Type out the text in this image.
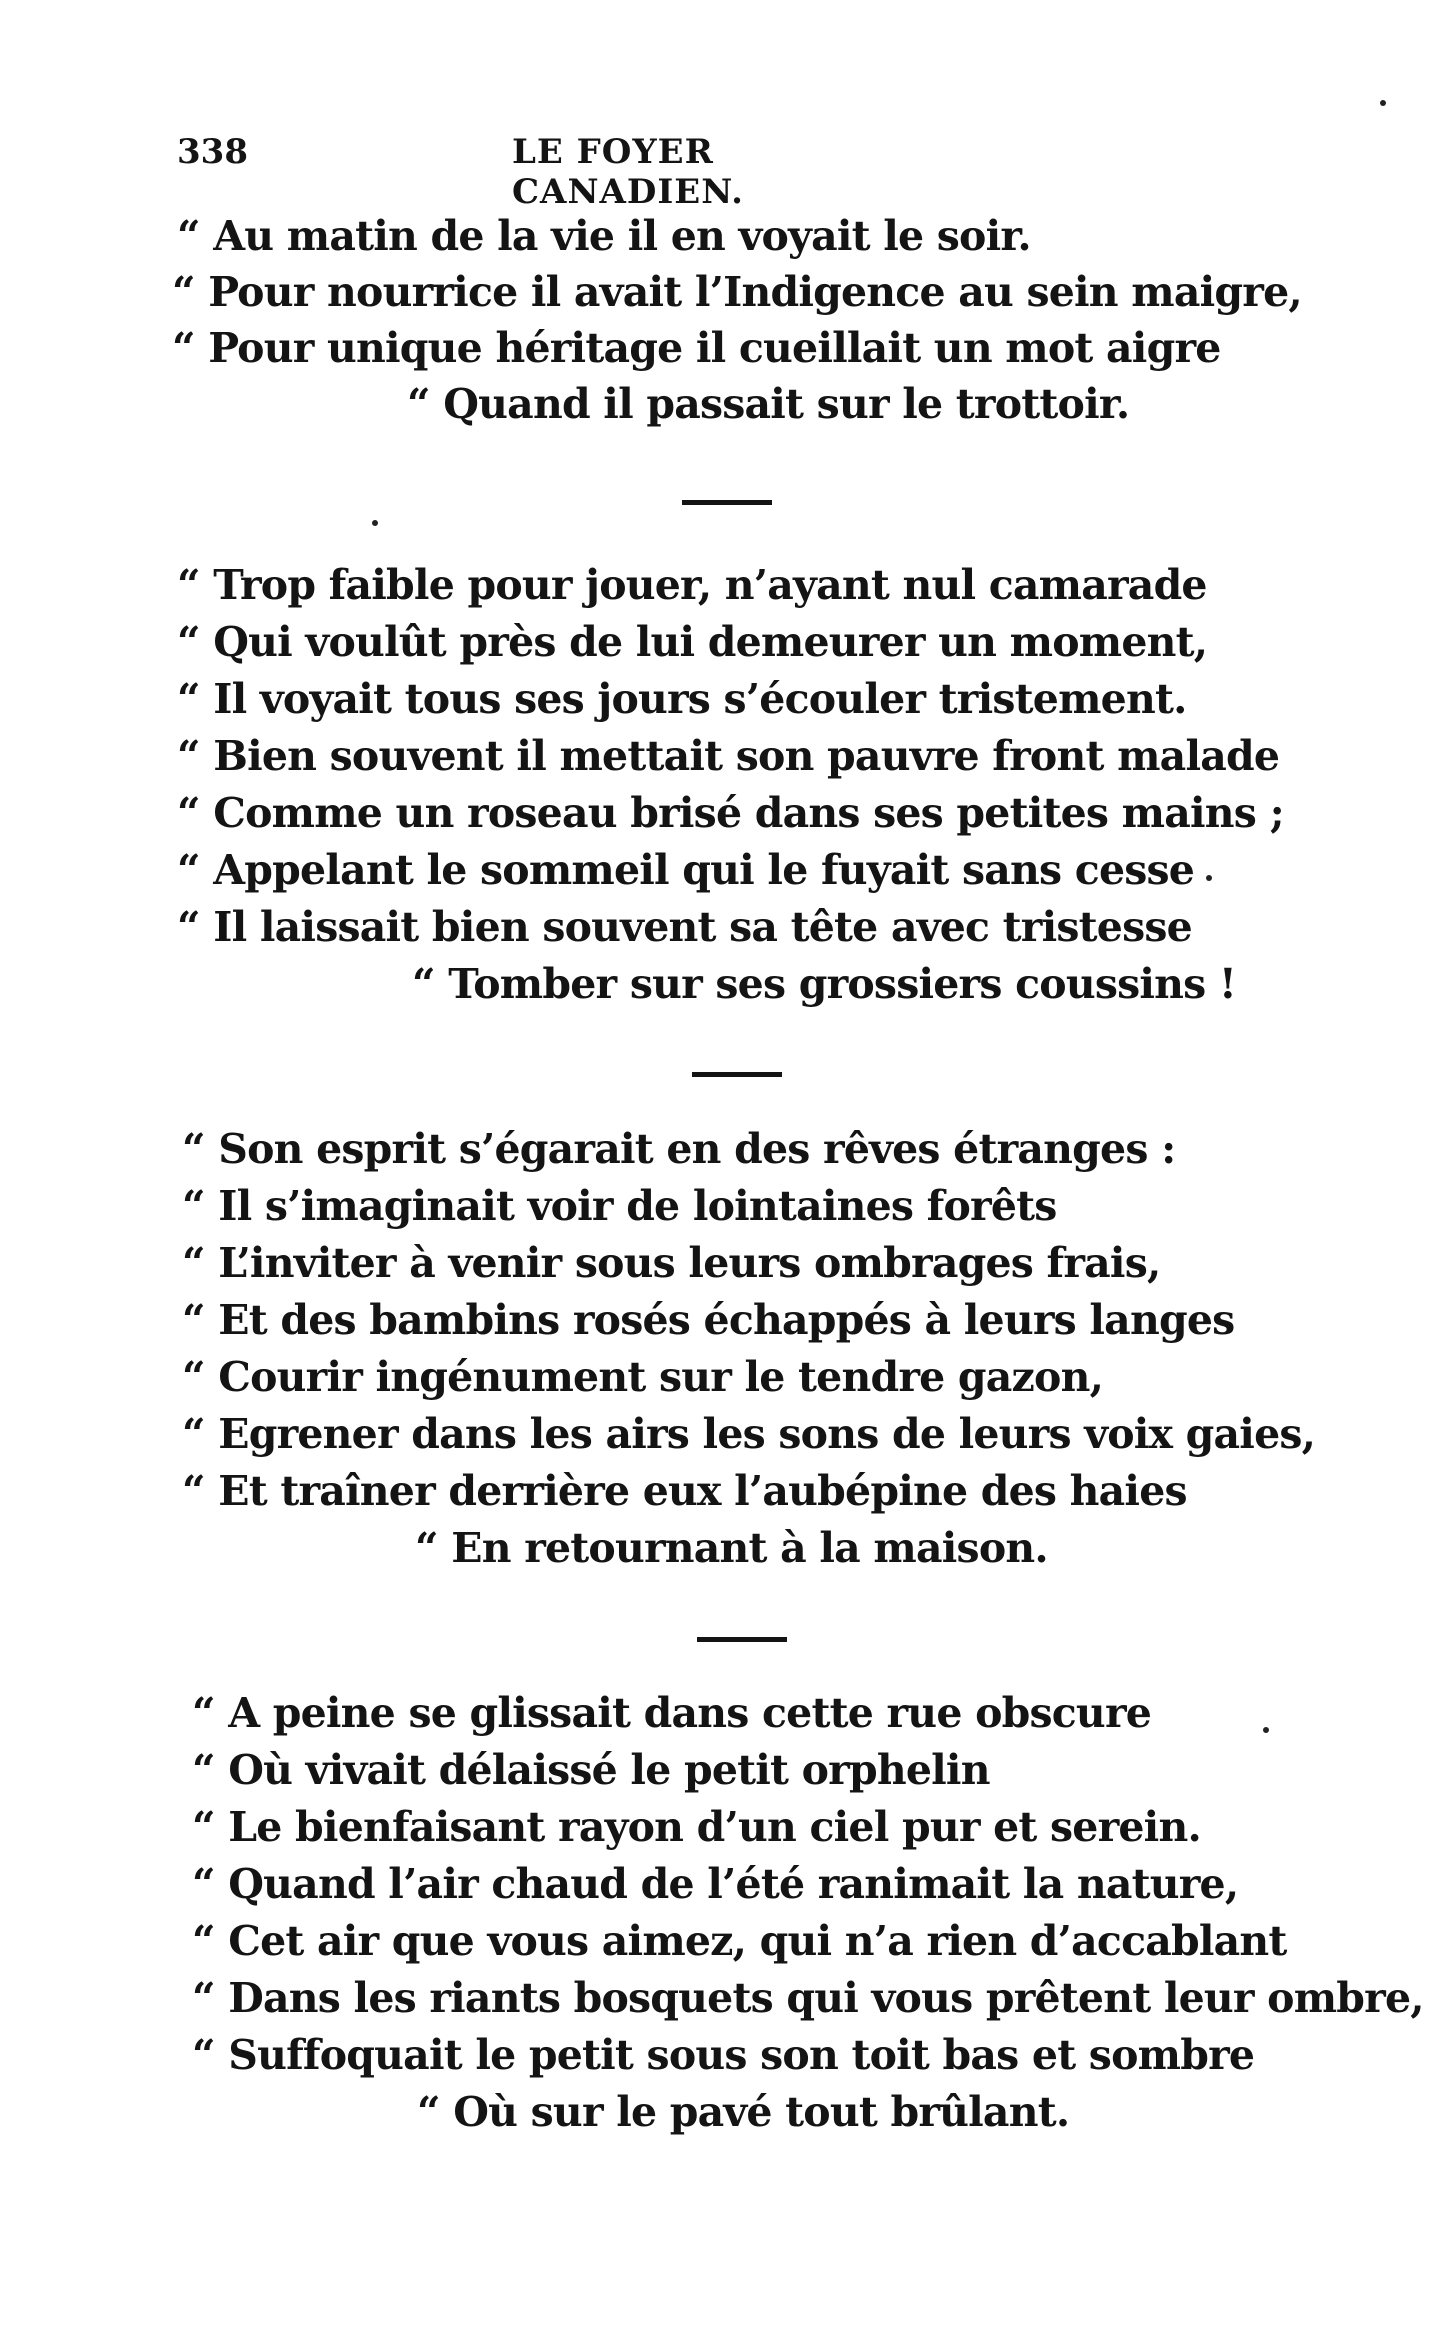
338	LE FOYER CANADIEN.
“ Au matin de la vie il en voyait le soir.
“ Pour nourrice il avait l’Indigence au sein maigre,
“ Pour unique héritage il cueillait un mot aigre
“ Quand il passait sur le trottoir.
“ Trop faible pour jouer, n’ayant nul camarade
“ Qui voulût près de lui demeurer un moment,
“ Il voyait tous ses jours s’écouler tristement.
“ Bien souvent il mettait son pauvre front malade
“ Comme un roseau brisé dans ses petites mains ;
“ Appelant le sommeil qui le fuyait sans cesse
“ Il laissait bien souvent sa tête avec tristesse
“ Tomber sur ses grossiers coussins !
“ Son esprit s’égarait en des rêves étranges :
“ Il s’imaginait voir de lointaines forêts
“ L’inviter à venir sous leurs ombrages frais,
“ Et des bambins rosés échappés à leurs langes
“ Courir ingénument sur le tendre gazon,
“ Egrener dans les airs les sons de leurs voix gaies,
“ Et traîner derrière eux l’aubépine des haies
“ En retournant à la maison.
“ A peine se glissait dans cette rue obscure
“ Où vivait délaissé le petit orphelin
“ Le bienfaisant rayon d’un ciel pur et serein.
“ Quand l’air chaud de l’été ranimait la nature,
“ Cet air que vous aimez, qui n’a rien d’accablant
“ Dans les riants bosquets qui vous prêtent leur ombre,
“ Suffoquait le petit sous son toit bas et sombre
“ Où sur le pavé tout brûlant.
